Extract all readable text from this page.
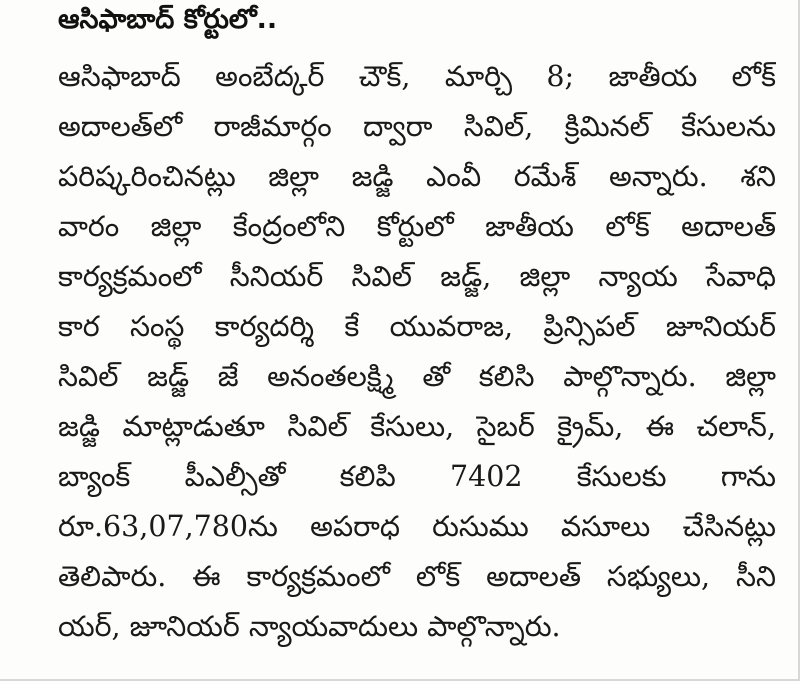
ఆసిఫాబాద్ కోర్టులో..
ఆసిఫాబాద్ అంబేద్కర్ చౌక్, మార్చి 8; జాతీయ లోక్
అదాలత్‌లో రాజీమార్గం ద్వారా సివిల్, క్రిమినల్ కేసులను
పరిష్కరించినట్లు జిల్లా జడ్జి ఎంవీ రమేశ్ అన్నారు. శని
వారం జిల్లా కేంద్రంలోని కోర్టులో జాతీయ లోక్ అదాలత్
కార్యక్రమంలో సీనియర్ సివిల్ జడ్జ్, జిల్లా న్యాయ సేవాధి
కార సంస్థ కార్యదర్శి కే యువరాజ, ప్రిన్సిపల్ జూనియర్
సివిల్ జడ్జ్ జే అనంతలక్ష్మి తో కలిసి పాల్గొన్నారు. జిల్లా
జడ్జి మాట్లాడుతూ సివిల్ కేసులు, సైబర్ క్రైమ్, ఈ చలాన్,
బ్యాంక్ పీఎల్సీతో కలిపి 7402 కేసులకు గాను
రూ.63,07,780ను అపరాధ రుసుము వసూలు చేసినట్లు
తెలిపారు. ఈ కార్యక్రమంలో లోక్ అదాలత్ సభ్యులు, సీని
యర్, జూనియర్ న్యాయవాదులు పాల్గొన్నారు.
